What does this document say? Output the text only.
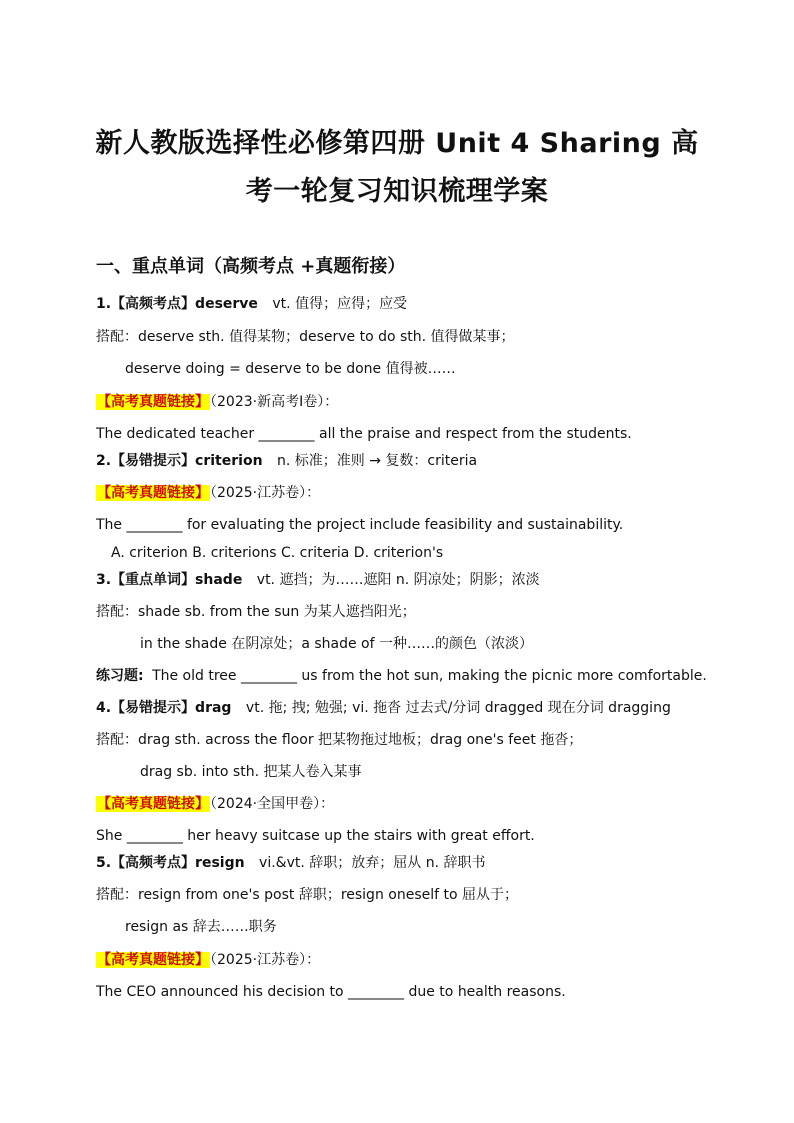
新人教版选择性必修第四册 Unit 4 Sharing 高
考一轮复习知识梳理学案
一、重点单词（高频考点 +真题衔接）
1.【高频考点】deserve vt. 值得；应得；应受
搭配：deserve sth. 值得某物；deserve to do sth. 值得做某事；
deserve doing = deserve to be done 值得被……
【高考真题链接】（2023·新高考Ⅰ卷）：
The dedicated teacher ________ all the praise and respect from the students.
2.【易错提示】criterion n. 标准；准则 → 复数：criteria
【高考真题链接】（2025·江苏卷）：
The ________ for evaluating the project include feasibility and sustainability.
A. criterion B. criterions C. criteria D. criterion's
3.【重点单词】shade vt. 遮挡；为……遮阳 n. 阴凉处；阴影；浓淡
搭配：shade sb. from the sun 为某人遮挡阳光；
in the shade 在阴凉处；a shade of 一种……的颜色（浓淡）
练习题: The old tree ________ us from the hot sun, making the picnic more comfortable.
4.【易错提示】drag vt. 拖; 拽; 勉强; vi. 拖沓 过去式/分词 dragged 现在分词 dragging
搭配：drag sth. across the floor 把某物拖过地板；drag one's feet 拖沓；
drag sb. into sth. 把某人卷入某事
【高考真题链接】（2024·全国甲卷）：
She ________ her heavy suitcase up the stairs with great effort.
5.【高频考点】resign vi.&vt. 辞职；放弃；屈从 n. 辞职书
搭配：resign from one's post 辞职；resign oneself to 屈从于；
resign as 辞去……职务
【高考真题链接】（2025·江苏卷）：
The CEO announced his decision to ________ due to health reasons.
